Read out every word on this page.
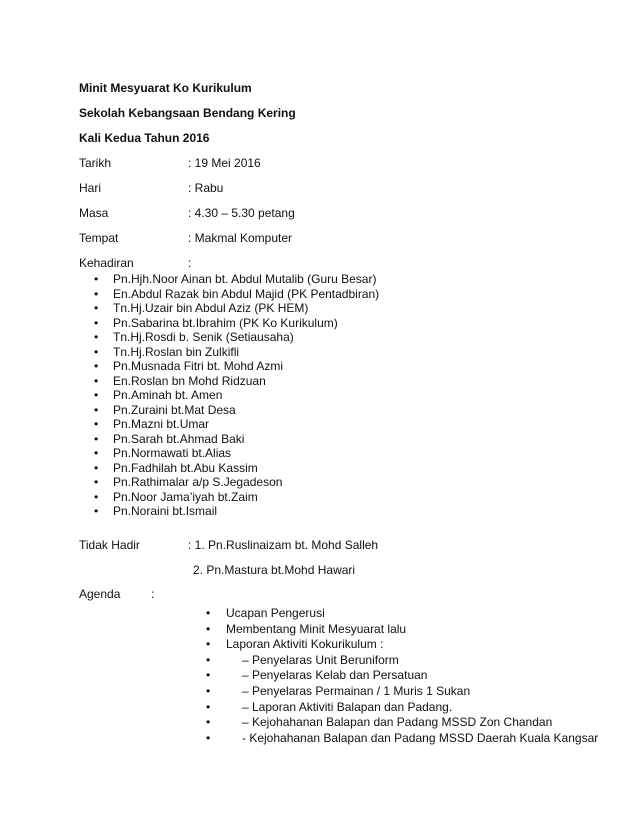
Minit Mesyuarat Ko Kurikulum
Sekolah Kebangsaan Bendang Kering
Kali Kedua Tahun 2016
Tarikh	: 19 Mei 2016
Hari	: Rabu
Masa	: 4.30 – 5.30 petang
Tempat	: Makmal Komputer
Kehadiran	:
• Pn.Hjh.Noor Ainan bt. Abdul Mutalib (Guru Besar)
• En.Abdul Razak bin Abdul Majid (PK Pentadbiran)
• Tn.Hj.Uzair bin Abdul Aziz (PK HEM)
• Pn.Sabarina bt.Ibrahim (PK Ko Kurikulum)
• Tn.Hj.Rosdi b. Senik (Setiausaha)
• Tn.Hj.Roslan bin Zulkifli
• Pn.Musnada Fitri bt. Mohd Azmi
• En.Roslan bn Mohd Ridzuan
• Pn.Aminah bt. Amen
• Pn.Zuraini bt.Mat Desa
• Pn.Mazni bt.Umar
• Pn.Sarah bt.Ahmad Baki
• Pn.Normawati bt.Alias
• Pn.Fadhilah bt.Abu Kassim
• Pn.Rathimalar a/p S.Jegadeson
• Pn.Noor Jama’iyah bt.Zaim
• Pn.Noraini bt.Ismail
Tidak Hadir	: 1. Pn.Ruslinaizam bt. Mohd Salleh
2. Pn.Mastura bt.Mohd Hawari
Agenda	:
• Ucapan Pengerusi
• Membentang Minit Mesyuarat lalu
• Laporan Aktiviti Kokurikulum :
•	– Penyelaras Unit Beruniform
•	– Penyelaras Kelab dan Persatuan
•	– Penyelaras Permainan / 1 Muris 1 Sukan
•	– Laporan Aktiviti Balapan dan Padang.
•	– Kejohahanan Balapan dan Padang MSSD Zon Chandan
•	- Kejohahanan Balapan dan Padang MSSD Daerah Kuala Kangsar
